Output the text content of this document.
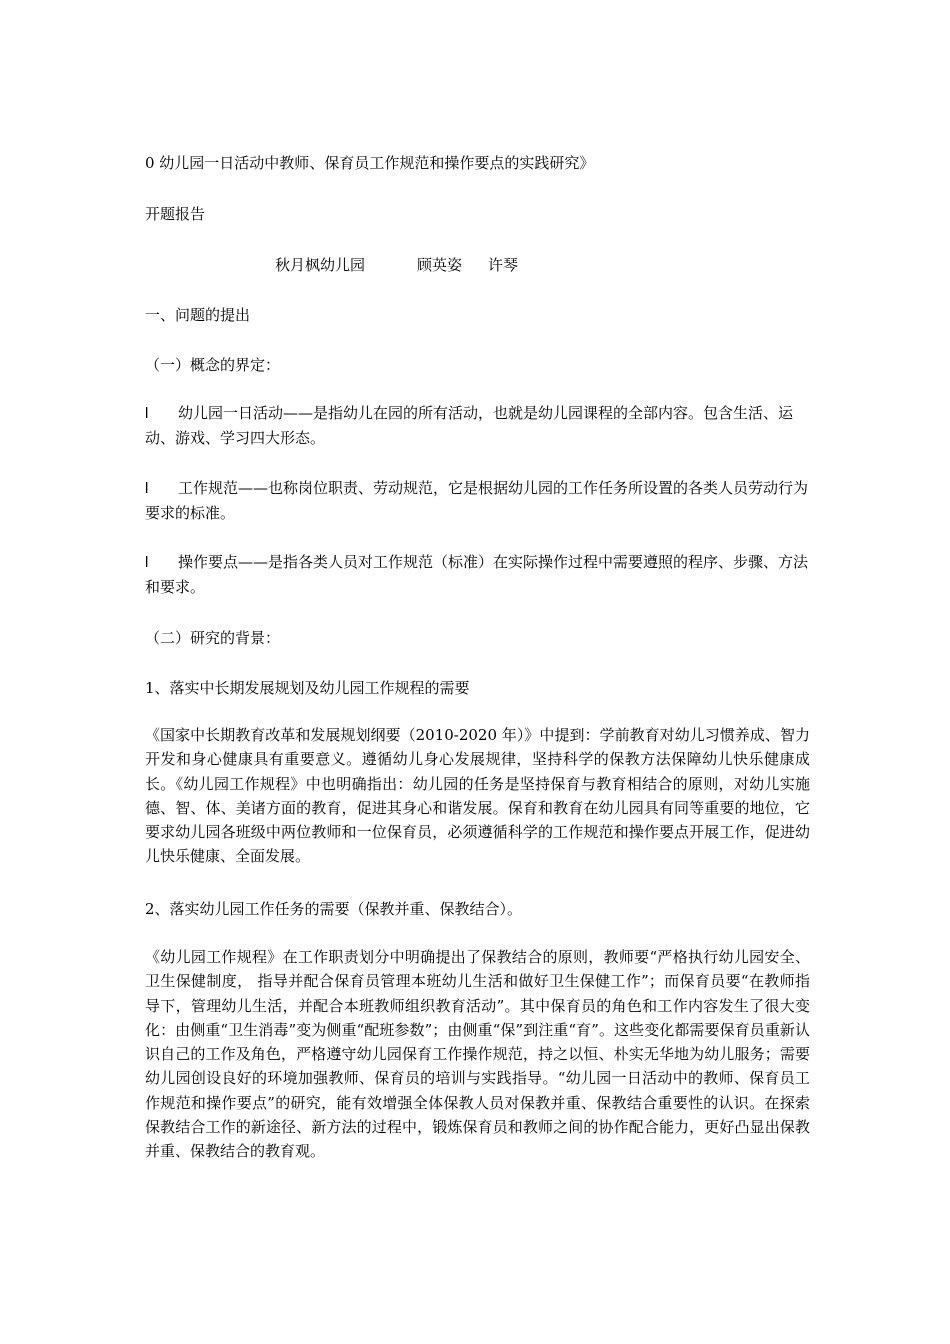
0 幼儿园一日活动中教师、保育员工作规范和操作要点的实践研究》
开题报告
秋月枫幼儿园	顾英姿 许琴
一、问题的提出
（一）概念的界定：
l 幼儿园一日活动——是指幼儿在园的所有活动，也就是幼儿园课程的全部内容。包含生活、运动、游戏、学习四大形态。
l 工作规范——也称岗位职责、劳动规范，它是根据幼儿园的工作任务所设置的各类人员劳动行为要求的标准。
l 操作要点——是指各类人员对工作规范（标准）在实际操作过程中需要遵照的程序、步骤、方法和要求。
（二）研究的背景：
1、落实中长期发展规划及幼儿园工作规程的需要
《国家中长期教育改革和发展规划纲要（2010-2020 年）》中提到：学前教育对幼儿习惯养成、智力开发和身心健康具有重要意义。遵循幼儿身心发展规律，坚持科学的保教方法保障幼儿快乐健康成长。《幼儿园工作规程》中也明确指出：幼儿园的任务是坚持保育与教育相结合的原则，对幼儿实施德、智、体、美诸方面的教育，促进其身心和谐发展。保育和教育在幼儿园具有同等重要的地位，它要求幼儿园各班级中两位教师和一位保育员，必须遵循科学的工作规范和操作要点开展工作，促进幼儿快乐健康、全面发展。
2、落实幼儿园工作任务的需要（保教并重、保教结合）。
《幼儿园工作规程》在工作职责划分中明确提出了保教结合的原则，教师要“严格执行幼儿园安全、卫生保健制度， 指导并配合保育员管理本班幼儿生活和做好卫生保健工作”；而保育员要“在教师指导下，管理幼儿生活，并配合本班教师组织教育活动”。其中保育员的角色和工作内容发生了很大变化：由侧重“卫生消毒”变为侧重“配班参数”；由侧重“保”到注重“育”。这些变化都需要保育员重新认识自己的工作及角色，严格遵守幼儿园保育工作操作规范，持之以恒、朴实无华地为幼儿服务；需要幼儿园创设良好的环境加强教师、保育员的培训与实践指导。“幼儿园一日活动中的教师、保育员工作规范和操作要点”的研究，能有效增强全体保教人员对保教并重、保教结合重要性的认识。在探索保教结合工作的新途径、新方法的过程中，锻炼保育员和教师之间的协作配合能力，更好凸显出保教并重、保教结合的教育观。
